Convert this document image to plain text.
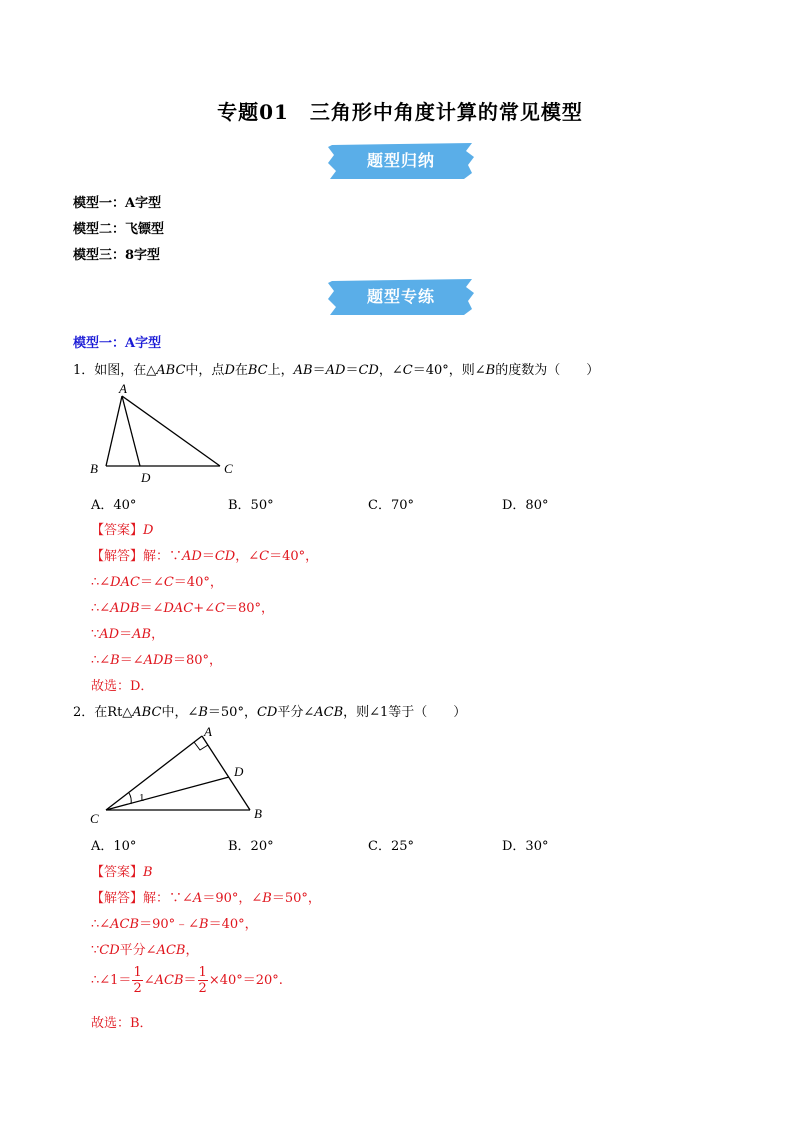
专题01　三角形中角度计算的常见模型
题型归纳
模型一：A字型
模型二：飞镖型
模型三：8字型
题型专练
模型一：A字型
1．如图，在△ABC中，点D在BC上，AB＝AD＝CD，∠C＝40°，则∠B的度数为（　　）
A
B	C
D
A．40°	B．50°	C．70°	D．80°
【答案】D
【解答】解：∵AD＝CD，∠C＝40°，
∴∠DAC＝∠C＝40°，
∴∠ADB＝∠DAC+∠C＝80°，
∵AD＝AB，
∴∠B＝∠ADB＝80°，
故选：D．
2．在Rt△ABC中，∠B＝50°，CD平分∠ACB，则∠1等于（　　）
A
D
C	B
1
A．10°	B．20°	C．25°	D．30°
【答案】B
【解答】解：∵∠A＝90°，∠B＝50°，
∴∠ACB＝90°﹣∠B＝40°，
∵CD平分∠ACB，
∴∠1＝ $\frac{1}{2}$ ∠ACB＝ $\frac{1}{2} \times 40^\circ=20^\circ$.
故选：B．
